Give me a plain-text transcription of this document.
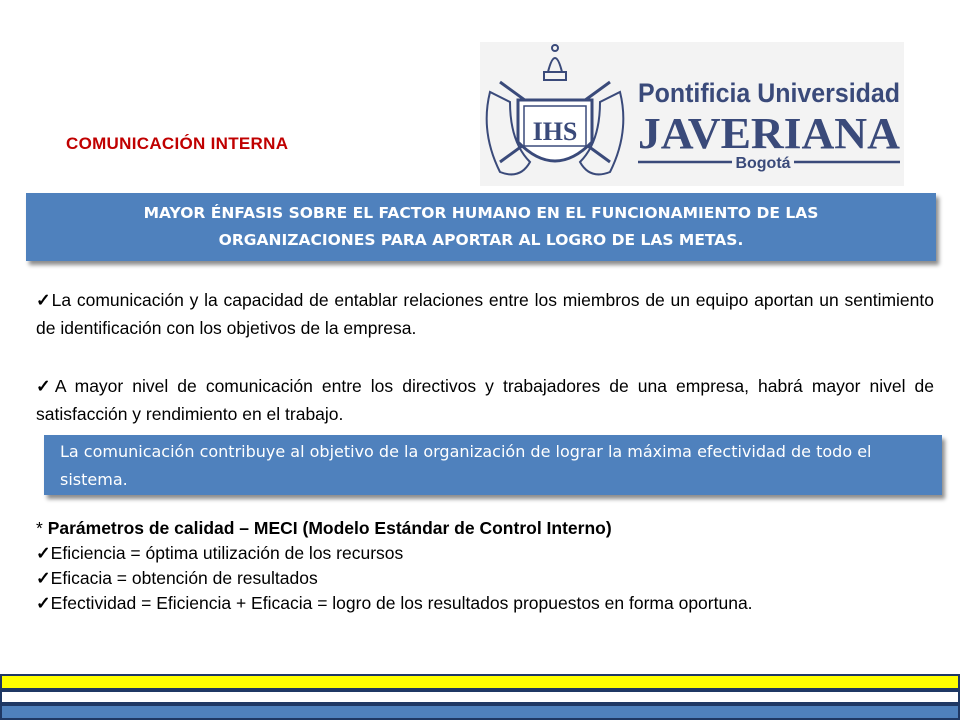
COMUNICACIÓN INTERNA	IHS
Pontificia Universidad
JAVERIANA
Bogotá
MAYOR ÉNFASIS SOBRE EL FACTOR HUMANO EN EL FUNCIONAMIENTO DE LAS ORGANIZACIONES PARA APORTAR AL LOGRO DE LAS METAS.
✓La comunicación y la capacidad de entablar relaciones entre los miembros de un equipo aportan un sentimiento de identificación con los objetivos de la empresa.
✓A mayor nivel de comunicación entre los directivos y trabajadores de una empresa, habrá mayor nivel de satisfacción y rendimiento en el trabajo.
La comunicación contribuye al objetivo de la organización de lograr la máxima efectividad de todo el sistema.
* Parámetros de calidad – MECI (Modelo Estándar de Control Interno)
✓Eficiencia = óptima utilización de los recursos
✓Eficacia = obtención de resultados
✓Efectividad = Eficiencia + Eficacia = logro de los resultados propuestos en forma oportuna.
